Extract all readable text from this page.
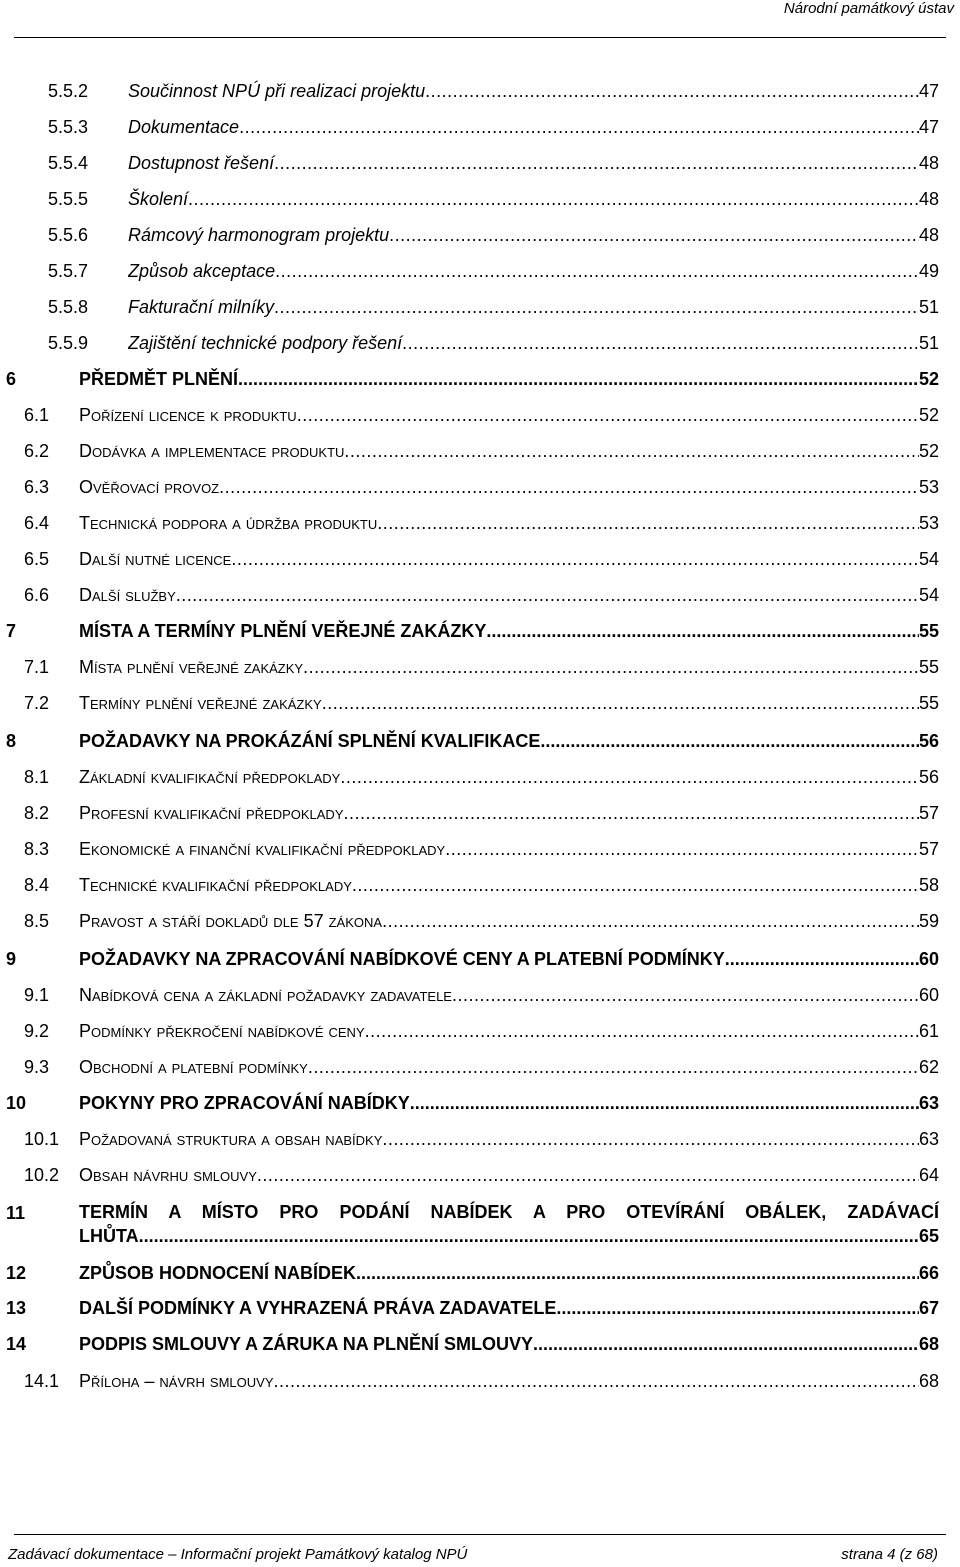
Národní památkový ústav
5.5.2 Součinnost NPÚ při realizaci projektu .....	47
5.5.3 Dokumentace .....	47
5.5.4 Dostupnost řešení .....	48
5.5.5 Školení .....	48
5.5.6 Rámcový harmonogram projektu .....	48
5.5.7 Způsob akceptace .....	49
5.5.8 Fakturační milníky .....	51
5.5.9 Zajištění technické podpory řešení .....	51
6	PŘEDMĚT PLNĚNÍ .....	52
6.1 Pořízení licence k produktu .....	52
6.2 Dodávka a implementace produktu .....	52
6.3 Ověřovací provoz .....	53
6.4 Technická podpora a údržba produktu .....	53
6.5 Další nutné licence .....	54
6.6 Další služby .....	54
7	MÍSTA A TERMÍNY PLNĚNÍ VEŘEJNÉ ZAKÁZKY .....	55
7.1 Místa plnění veřejné zakázky .....	55
7.2 Termíny plnění veřejné zakázky .....	55
8	POŽADAVKY NA PROKÁZÁNÍ SPLNĚNÍ KVALIFIKACE .....	56
8.1 Základní kvalifikační předpoklady .....	56
8.2 Profesní kvalifikační předpoklady .....	57
8.3 Ekonomické a finanční kvalifikační předpoklady .....	57
8.4 Technické kvalifikační předpoklady .....	58
8.5 Pravost a stáří dokladů dle 57 zákona .....	59
9	POŽADAVKY NA ZPRACOVÁNÍ NABÍDKOVÉ CENY A PLATEBNÍ PODMÍNKY .....	60
9.1 Nabídková cena a základní požadavky zadavatele .....	60
9.2 Podmínky překročení nabídkové ceny .....	61
9.3 Obchodní a platební podmínky .....	62
10	POKYNY PRO ZPRACOVÁNÍ NABÍDKY .....	63
10.1 Požadovaná struktura a obsah nabídky .....	63
10.2 Obsah návrhu smlouvy .....	64
11	TERMÍN A MÍSTO PRO PODÁNÍ NABÍDEK A PRO OTEVÍRÁNÍ OBÁLEK, ZADÁVACÍ
LHŮTA .....	65
12	ZPŮSOB HODNOCENÍ NABÍDEK .....	66
13	DALŠÍ PODMÍNKY A VYHRAZENÁ PRÁVA ZADAVATELE .....	67
14	PODPIS SMLOUVY A ZÁRUKA NA PLNĚNÍ SMLOUVY .....	68
14.1 Příloha – návrh smlouvy .....	68
Zadávací dokumentace – Informační projekt Památkový katalog NPÚ	strana 4 (z 68)
